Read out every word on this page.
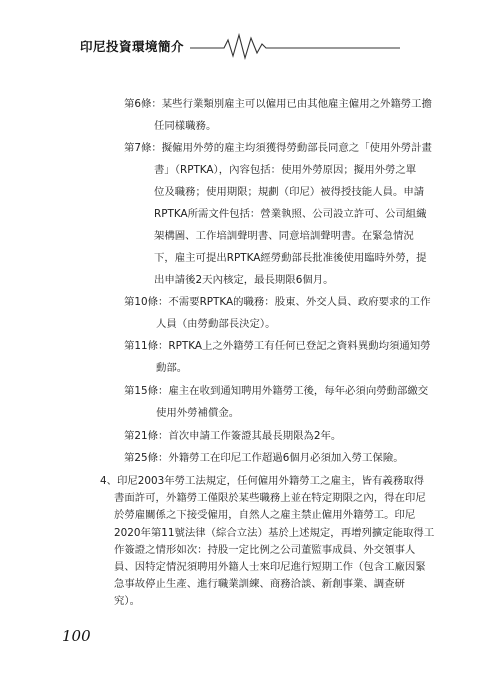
印尼投資環境簡介
第6條：某些行業類別雇主可以僱用已由其他雇主僱用之外籍勞工擔
任同樣職務。
第7條：擬僱用外勞的雇主均須獲得勞動部長同意之「使用外勞計畫
書」（RPTKA），內容包括：使用外勞原因；擬用外勞之單
位及職務；使用期限；規劃（印尼）被得授技能人員。申請
RPTKA所需文件包括：營業執照、公司設立許可、公司組織
架構圖、工作培訓聲明書、同意培訓聲明書。在緊急情況
下，雇主可提出RPTKA經勞動部長批准後使用臨時外勞，提
出申請後2天內核定，最長期限6個月。
第10條：不需要RPTKA的職務：股東、外交人員、政府要求的工作
人員（由勞動部長決定）。
第11條：RPTKA上之外籍勞工有任何已登記之資料異動均須通知勞
動部。
第15條：雇主在收到通知聘用外籍勞工後，每年必須向勞動部繳交
使用外勞補償金。
第21條：首次申請工作簽證其最長期限為2年。
第25條：外籍勞工在印尼工作超過6個月必須加入勞工保險。
4、印尼2003年勞工法規定，任何僱用外籍勞工之雇主，皆有義務取得
書面許可，外籍勞工僅限於某些職務上並在特定期限之內，得在印尼
於勞雇關係之下接受僱用，自然人之雇主禁止僱用外籍勞工。印尼
2020年第11號法律（綜合立法）基於上述規定，再增列擴定能取得工
作簽證之情形如次：持股一定比例之公司董監事成員、外交領事人
員、因特定情況須聘用外籍人士來印尼進行短期工作（包含工廠因緊
急事故停止生產、進行職業訓練、商務洽談、新創事業、調查研
究）。
100
